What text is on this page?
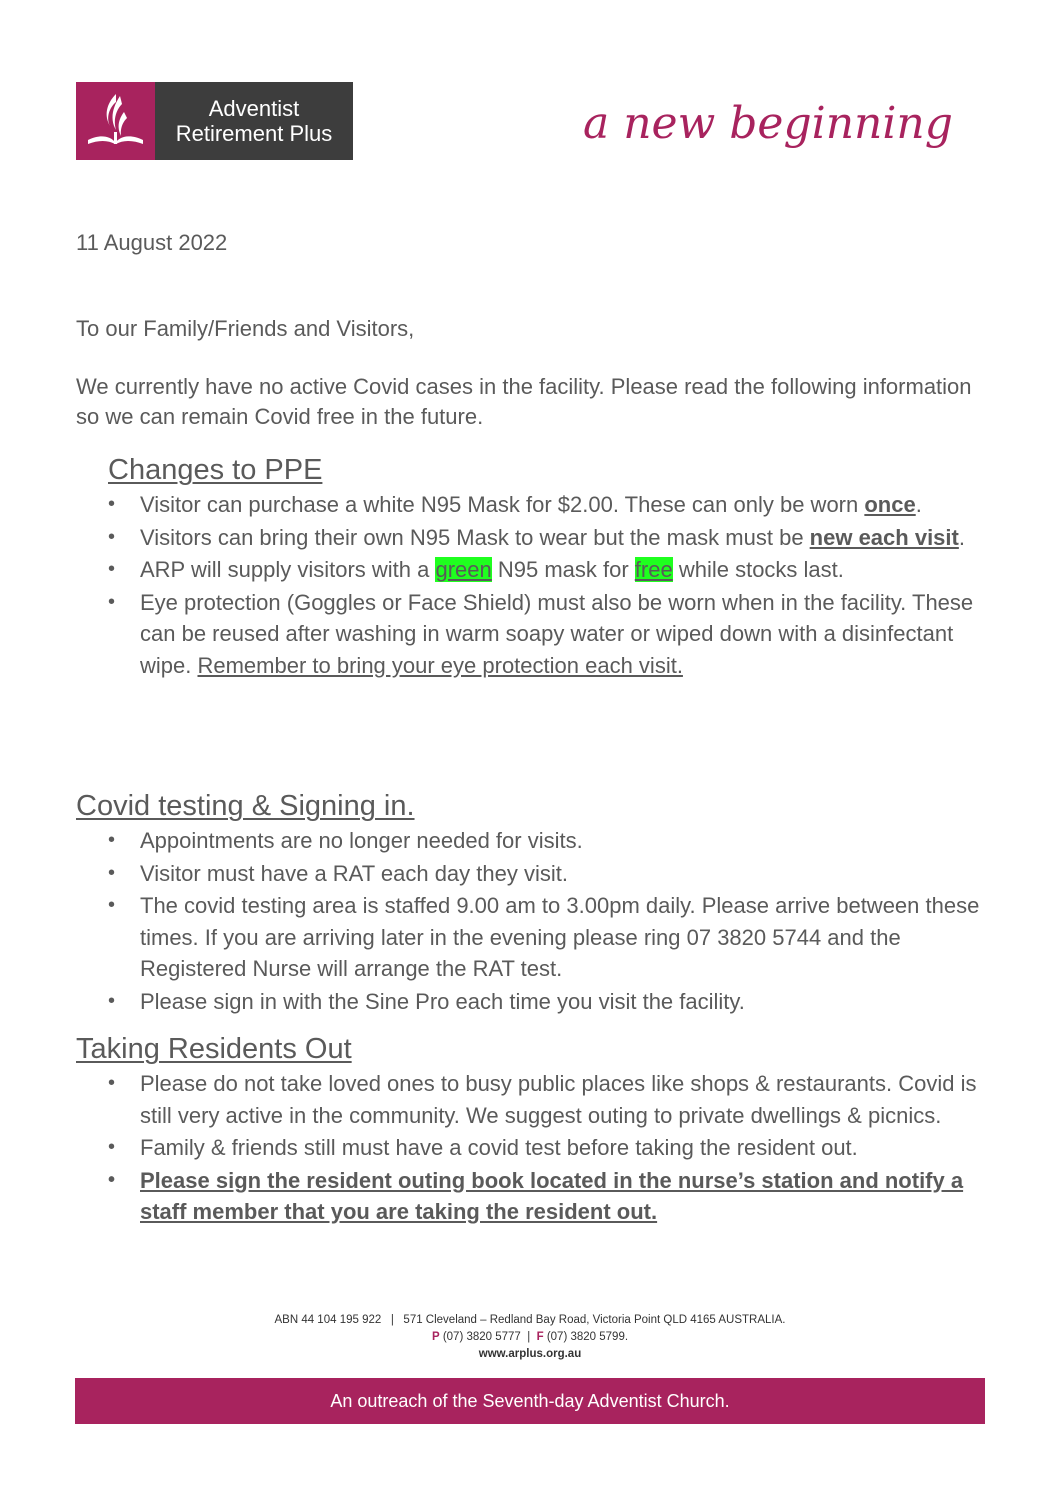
Adventist
Retirement Plus	a new beginning
11 August 2022
To our Family/Friends and Visitors,
We currently have no active Covid cases in the facility. Please read the following information so we can remain Covid free in the future.
Changes to PPE
• Visitor can purchase a white N95 Mask for $2.00. These can only be worn once.
• Visitors can bring their own N95 Mask to wear but the mask must be new each visit.
• ARP will supply visitors with a green N95 mask for free while stocks last.
• Eye protection (Goggles or Face Shield) must also be worn when in the facility. These can be reused after washing in warm soapy water or wiped down with a disinfectant wipe. Remember to bring your eye protection each visit.
Covid testing & Signing in.
• Appointments are no longer needed for visits.
• Visitor must have a RAT each day they visit.
• The covid testing area is staffed 9.00 am to 3.00pm daily. Please arrive between these times. If you are arriving later in the evening please ring 07 3820 5744 and the Registered Nurse will arrange the RAT test.
• Please sign in with the Sine Pro each time you visit the facility.
Taking Residents Out
• Please do not take loved ones to busy public places like shops & restaurants. Covid is still very active in the community. We suggest outing to private dwellings & picnics.
• Family & friends still must have a covid test before taking the resident out.
• Please sign the resident outing book located in the nurse’s station and notify a staff member that you are taking the resident out.
ABN 44 104 195 922   |   571 Cleveland – Redland Bay Road, Victoria Point QLD 4165 AUSTRALIA.
P (07) 3820 5777  |  F (07) 3820 5799.
www.arplus.org.au
An outreach of the Seventh-day Adventist Church.
